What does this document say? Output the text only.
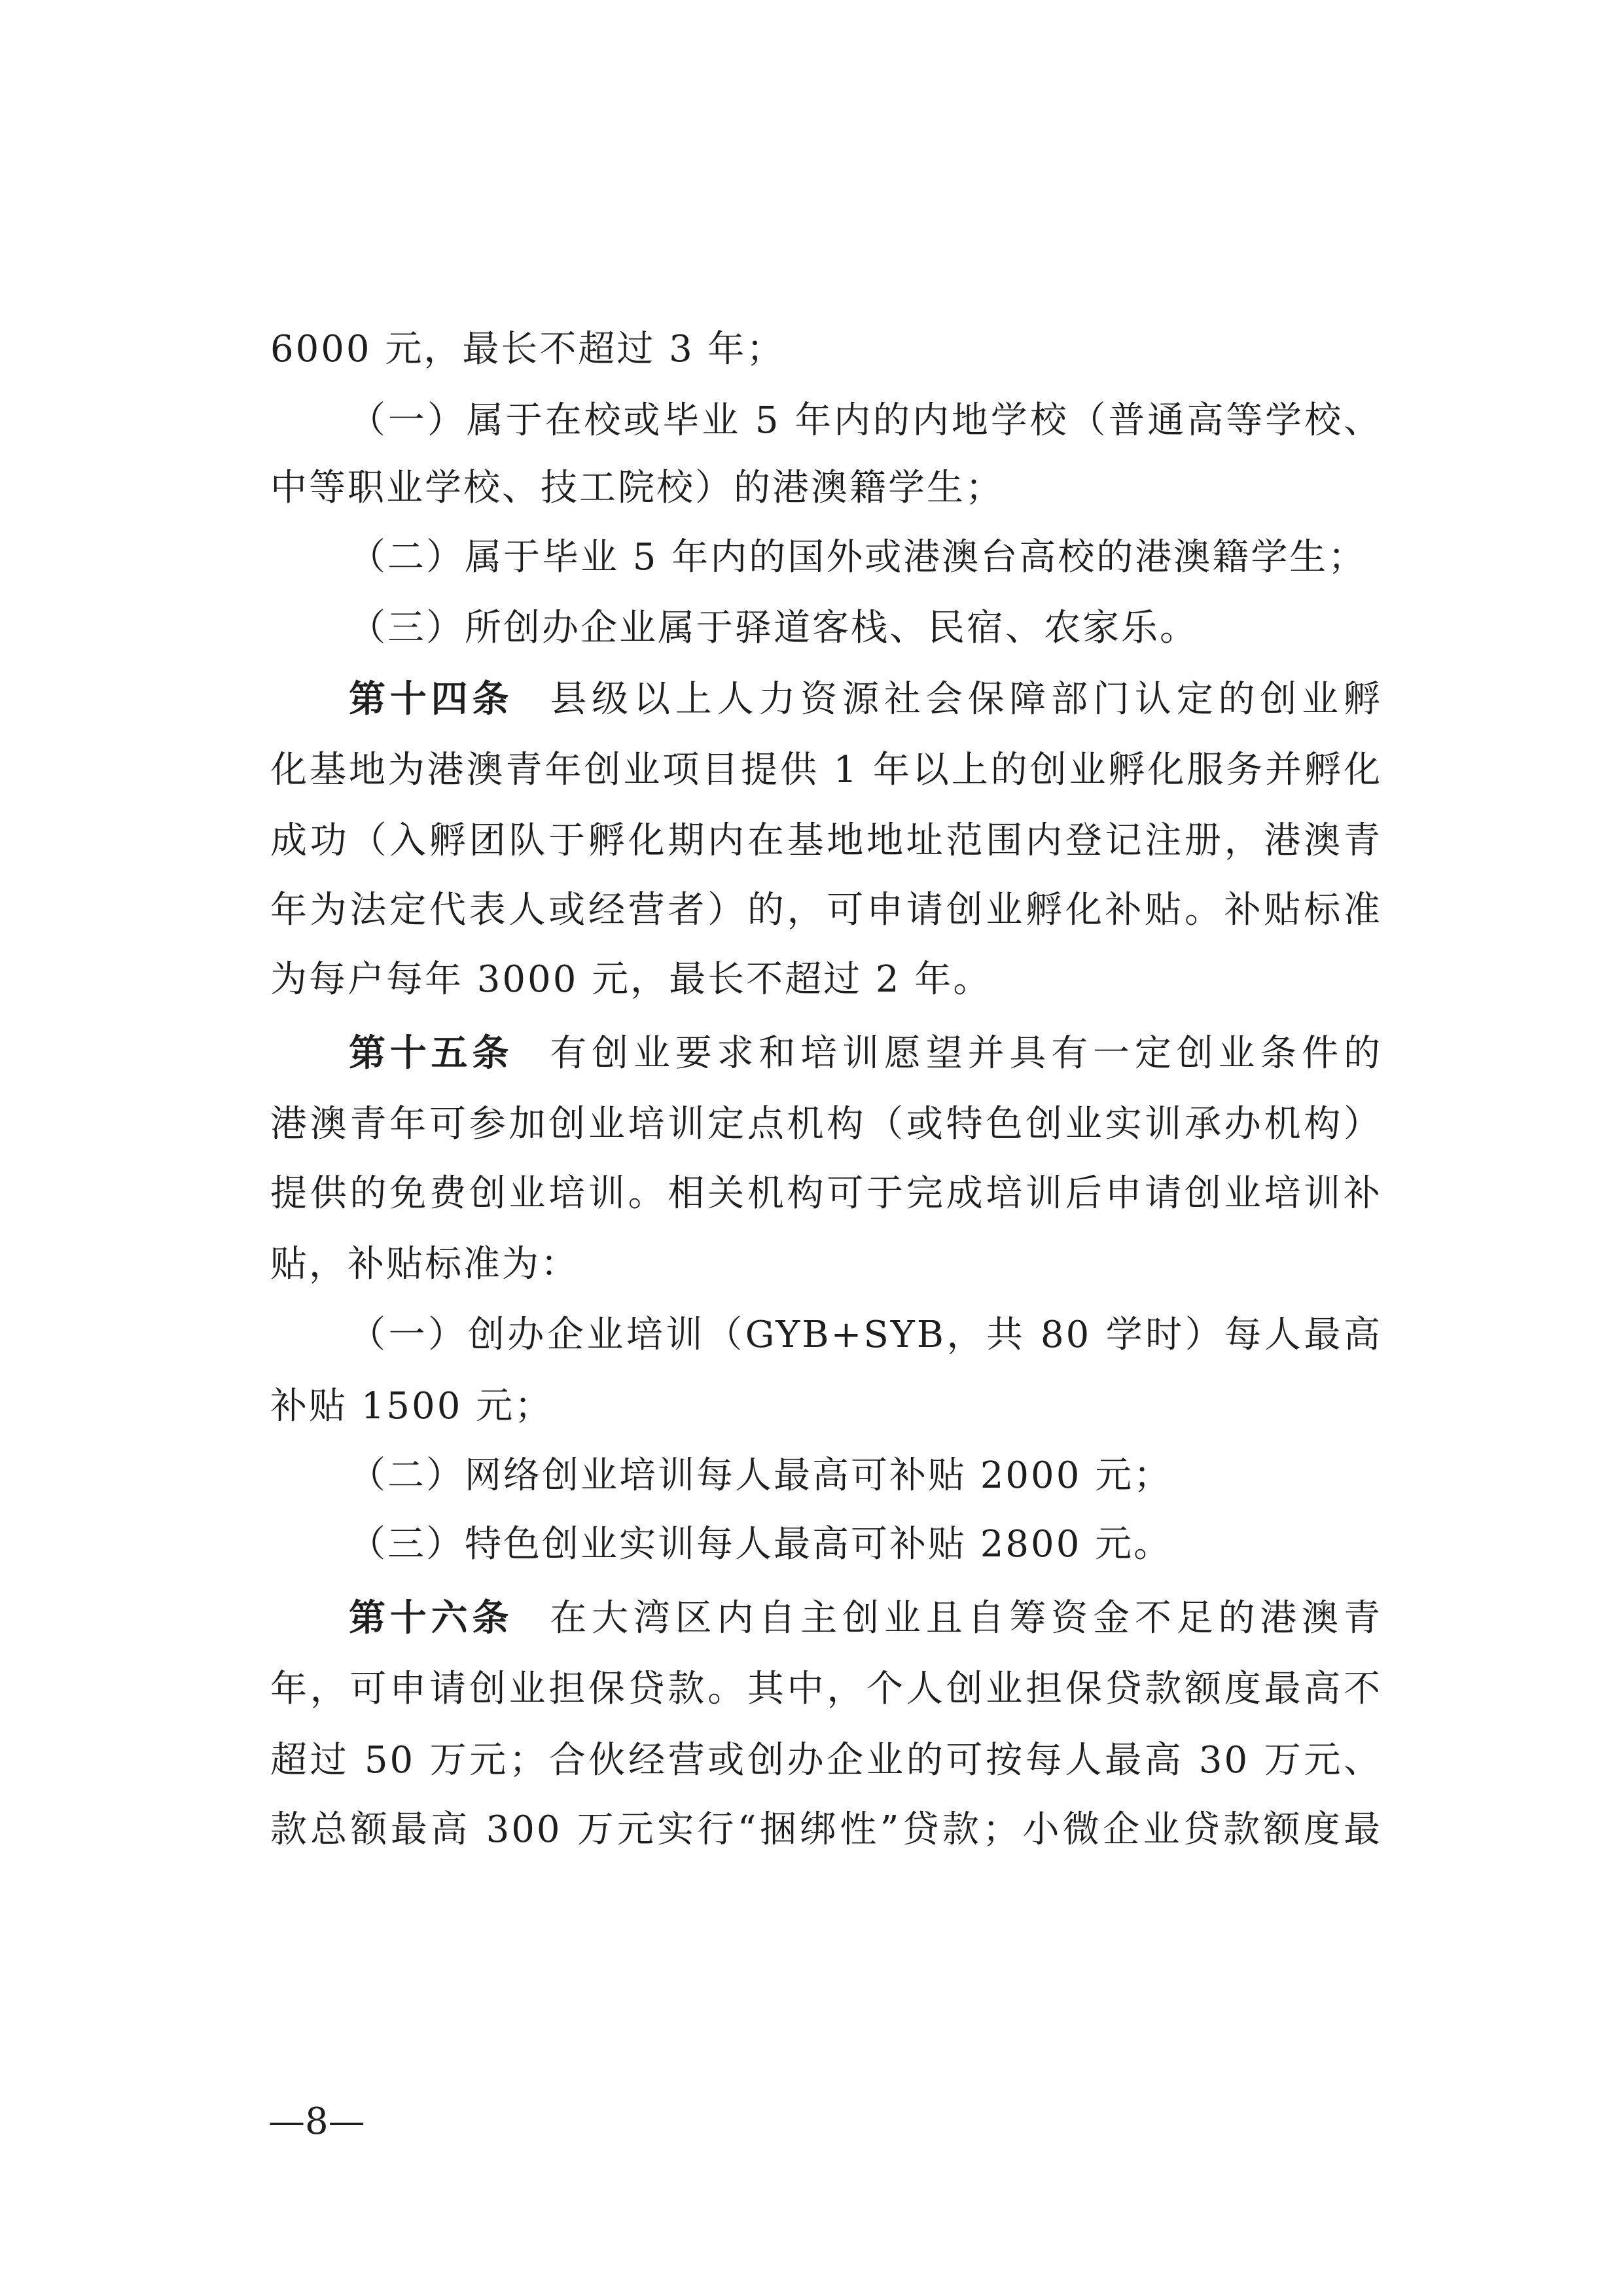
6000 元，最长不超过 3 年；
（一）属于在校或毕业 5 年内的内地学校（普通高等学校、
中等职业学校、技工院校）的港澳籍学生；
（二）属于毕业 5 年内的国外或港澳台高校的港澳籍学生；
（三）所创办企业属于驿道客栈、民宿、农家乐。
第十四条 县级以上人力资源社会保障部门认定的创业孵
化基地为港澳青年创业项目提供 1 年以上的创业孵化服务并孵化
成功（入孵团队于孵化期内在基地地址范围内登记注册，港澳青
年为法定代表人或经营者）的，可申请创业孵化补贴。补贴标准
为每户每年 3000 元，最长不超过 2 年。
第十五条 有创业要求和培训愿望并具有一定创业条件的
港澳青年可参加创业培训定点机构（或特色创业实训承办机构）
提供的免费创业培训。相关机构可于完成培训后申请创业培训补
贴，补贴标准为：
（一）创办企业培训（GYB+SYB，共 80 学时）每人最高
补贴 1500 元；
（二）网络创业培训每人最高可补贴 2000 元；
（三）特色创业实训每人最高可补贴 2800 元。
第十六条 在大湾区内自主创业且自筹资金不足的港澳青
年，可申请创业担保贷款。其中，个人创业担保贷款额度最高不
超过 50 万元；合伙经营或创办企业的可按每人最高 30 万元、
款总额最高 300 万元实行“捆绑性”贷款；小微企业贷款额度最
—8—
